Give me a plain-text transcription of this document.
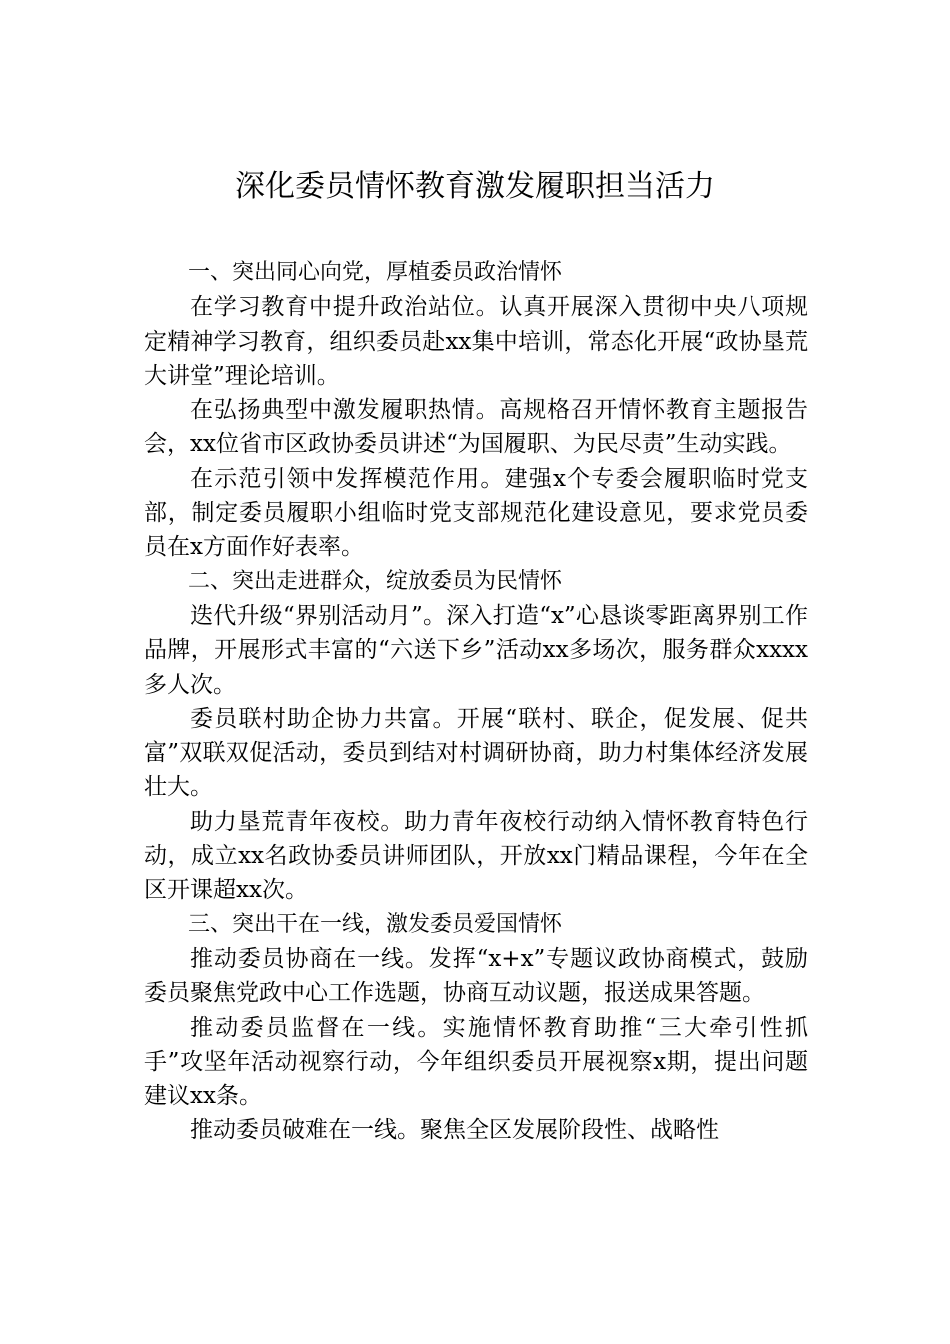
深化委员情怀教育激发履职担当活力

一、突出同心向党，厚植委员政治情怀

在学习教育中提升政治站位。认真开展深入贯彻中央八项规定精神学习教育，组织委员赴xx集中培训，常态化开展“政协垦荒大讲堂”理论培训。

在弘扬典型中激发履职热情。高规格召开情怀教育主题报告会，xx位省市区政协委员讲述“为国履职、为民尽责”生动实践。

在示范引领中发挥模范作用。建强x个专委会履职临时党支部，制定委员履职小组临时党支部规范化建设意见，要求党员委员在x方面作好表率。

二、突出走进群众，绽放委员为民情怀

迭代升级“界别活动月”。深入打造“x”心恳谈零距离界别工作品牌，开展形式丰富的“六送下乡”活动xx多场次，服务群众xxxx多人次。

委员联村助企协力共富。开展“联村、联企，促发展、促共富”双联双促活动，委员到结对村调研协商，助力村集体经济发展壮大。

助力垦荒青年夜校。助力青年夜校行动纳入情怀教育特色行动，成立xx名政协委员讲师团队，开放xx门精品课程，今年在全区开课超xx次。

三、突出干在一线，激发委员爱国情怀

推动委员协商在一线。发挥“x+x”专题议政协商模式，鼓励委员聚焦党政中心工作选题，协商互动议题，报送成果答题。

推动委员监督在一线。实施情怀教育助推“三大牵引性抓手”攻坚年活动视察行动，今年组织委员开展视察x期，提出问题建议xx条。

推动委员破难在一线。聚焦全区发展阶段性、战略性
